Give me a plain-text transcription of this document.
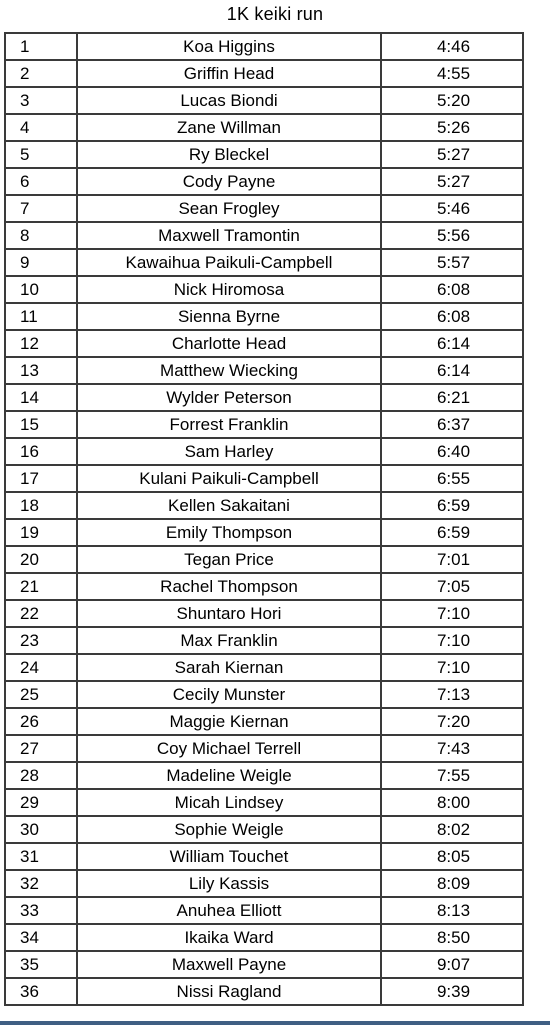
1K keiki run
1	Koa Higgins	4:46
2	Griffin Head	4:55
3	Lucas Biondi	5:20
4	Zane Willman	5:26
5	Ry Bleckel	5:27
6	Cody Payne	5:27
7	Sean Frogley	5:46
8	Maxwell Tramontin	5:56
9	Kawaihua Paikuli-Campbell	5:57
10	Nick Hiromosa	6:08
11	Sienna Byrne	6:08
12	Charlotte Head	6:14
13	Matthew Wiecking	6:14
14	Wylder Peterson	6:21
15	Forrest Franklin	6:37
16	Sam Harley	6:40
17	Kulani Paikuli-Campbell	6:55
18	Kellen Sakaitani	6:59
19	Emily Thompson	6:59
20	Tegan Price	7:01
21	Rachel Thompson	7:05
22	Shuntaro Hori	7:10
23	Max Franklin	7:10
24	Sarah Kiernan	7:10
25	Cecily Munster	7:13
26	Maggie Kiernan	7:20
27	Coy Michael Terrell	7:43
28	Madeline Weigle	7:55
29	Micah Lindsey	8:00
30	Sophie Weigle	8:02
31	William Touchet	8:05
32	Lily Kassis	8:09
33	Anuhea Elliott	8:13
34	Ikaika Ward	8:50
35	Maxwell Payne	9:07
36	Nissi Ragland	9:39
